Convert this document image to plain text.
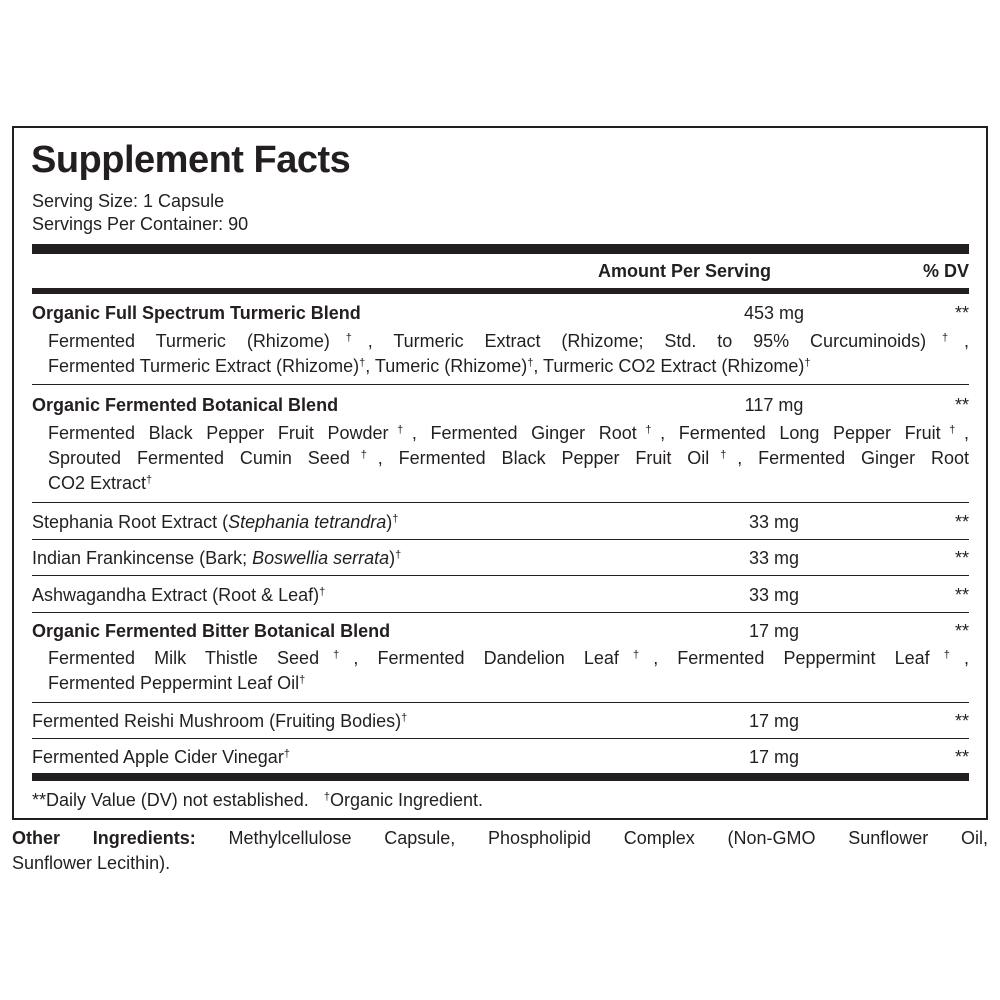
Supplement Facts
Serving Size: 1 Capsule
Servings Per Container: 90
Amount Per Serving	% DV
Organic Full Spectrum Turmeric Blend	453 mg	**
Fermented Turmeric (Rhizome)†, Turmeric Extract (Rhizome; Std. to 95% Curcuminoids)†,
Fermented Turmeric Extract (Rhizome)†, Tumeric (Rhizome)†, Turmeric CO2 Extract (Rhizome)†
Organic Fermented Botanical Blend	117 mg	**
Fermented Black Pepper Fruit Powder†, Fermented Ginger Root†, Fermented Long Pepper Fruit†,
Sprouted Fermented Cumin Seed†, Fermented Black Pepper Fruit Oil†, Fermented Ginger Root
CO2 Extract†
Stephania Root Extract (Stephania tetrandra)†	33 mg	**
Indian Frankincense (Bark; Boswellia serrata)†	33 mg	**
Ashwagandha Extract (Root & Leaf)†	33 mg	**
Organic Fermented Bitter Botanical Blend	17 mg	**
Fermented Milk Thistle Seed†, Fermented Dandelion Leaf†, Fermented Peppermint Leaf†,
Fermented Peppermint Leaf Oil†
Fermented Reishi Mushroom (Fruiting Bodies)†	17 mg	**
Fermented Apple Cider Vinegar†	17 mg	**
**Daily Value (DV) not established. †Organic Ingredient.
Other Ingredients: Methylcellulose Capsule, Phospholipid Complex (Non-GMO Sunflower Oil,
Sunflower Lecithin).
